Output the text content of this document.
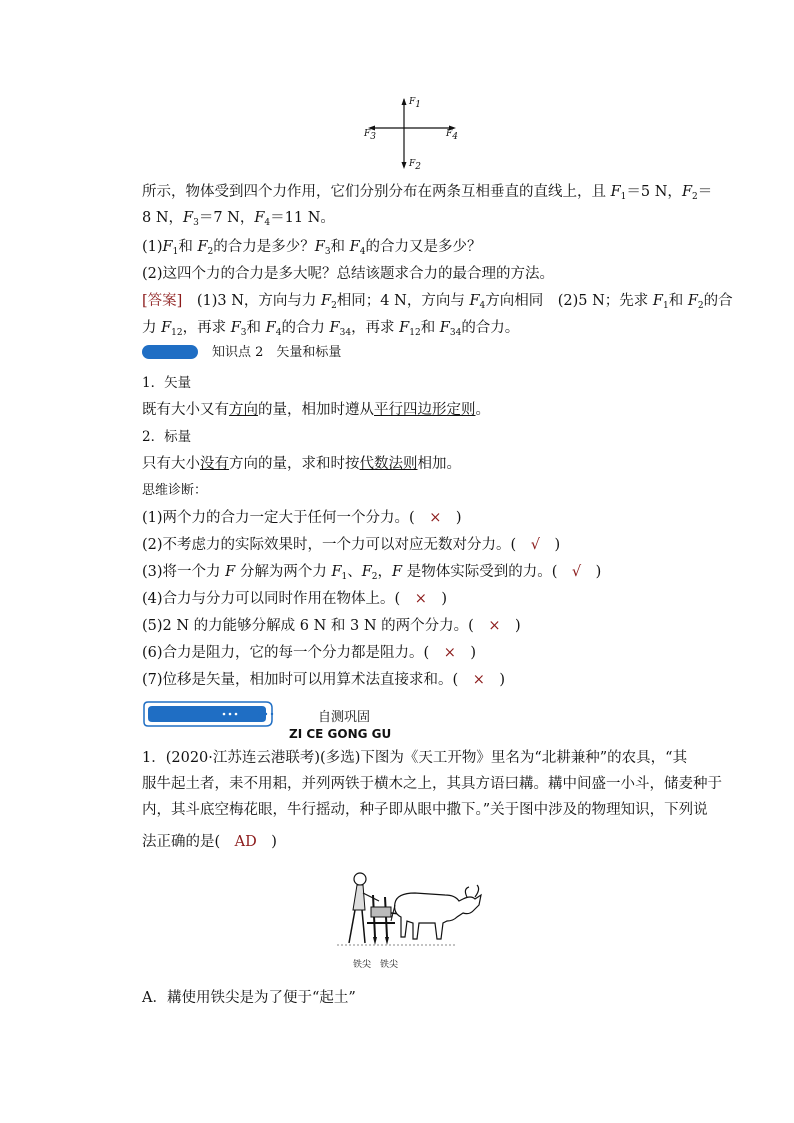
$F_1$
$F_2$
$F_3$	$F_4$
所示，物体受到四个力作用，它们分别分布在两条互相垂直的直线上，且 $F_1=5$ N，$F_2=$
8 N，$F_3=7$ N，$F_4=11$ N。
$(1)F_1$和 $F_2$的合力是多少？$F_3$和 $F_4$的合力又是多少？
(2)这四个力的合力是多大呢？总结该题求合力的最合理的方法。
[答案]　(1)3 N，方向与力 $F_2$相同；4 N，方向与 $F_4$方向相同　(2)5 N；先求 $F_1$和 $F_2$的合
力 $F_{12}$，再求 $F_3$和 $F_4$的合力 $F_{34}$，再求 $F_{12}$和 $F_{34}$的合力。
知识点 2　矢量和标量
1．矢量
既有大小又有方向的量，相加时遵从平行四边形定则。
2．标量
只有大小没有方向的量，求和时按代数法则相加。
思维诊断：
(1)两个力的合力一定大于任何一个分力。(　×　)
(2)不考虑力的实际效果时，一个力可以对应无数对分力。(　√　)
(3)将一个力 F 分解为两个力 $F_1$、$F_2$，F 是物体实际受到的力。(　√　)
(4)合力与分力可以同时作用在物体上。(　×　)
(5)2 N 的力能够分解成 6 N 和 3 N 的两个分力。(　×　)
(6)合力是阻力，它的每一个分力都是阻力。(　×　)
(7)位移是矢量，相加时可以用算术法直接求和。(　×　)
自测巩固
ZI CE GONG GU
1．(2020·江苏连云港联考)(多选)下图为《天工开物》里名为“北耕兼种”的农具，“其
服牛起土者，耒不用耜，并列两铁于横木之上，其具方语曰耩。耩中间盛一小斗，储麦种于
内，其斗底空梅花眼，牛行摇动，种子即从眼中撒下。”关于图中涉及的物理知识，下列说
法正确的是(　AD　)
铁尖　铁尖
A．耩使用铁尖是为了便于“起土”
